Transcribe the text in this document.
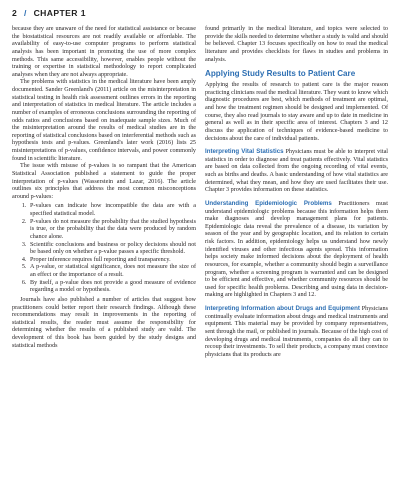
2 / CHAPTER 1

because they are unaware of the need for statistical assistance or because the biostatistical resources are not readily available or affordable. The availability of easy-to-use computer programs to perform statistical analysis has been important in promoting the use of more complex methods. This same accessibility, however, enables people without the training or expertise in statistical methodology to report complicated analyses when they are not always appropriate.

The problems with statistics in the medical literature have been amply documented. Sander Greenland's (2011) article on the misinterpretation in statistical testing in health risk assessment outlines errors in the reporting and interpretation of statistics in medical literature. The article includes a number of examples of erroneous conclusions surrounding the reporting of odds ratios and conclusions based on inadequate sample sizes. Much of the misinterpretation around the results of medical studies are in the reporting of statistical conclusions based on interferential methods such as hypothesis tests and p-values. Greenland's later work (2016) lists 25 misinterpretations of p-values, confidence intervals, and power commonly found in scientific literature.

The issue with misuse of p-values is so rampant that the American Statistical Association published a statement to guide the proper interpretation of p-values (Wasserstein and Lazar, 2016). The article outlines six principles that address the most common misconceptions around p-values:

1. P-values can indicate how incompatible the data are with a specified statistical model.
2. P-values do not measure the probability that the studied hypothesis is true, or the probability that the data were produced by random chance alone.
3. Scientific conclusions and business or policy decisions should not be based only on whether a p-value passes a specific threshold.
4. Proper inference requires full reporting and transparency.
5. A p-value, or statistical significance, does not measure the size of an effect or the importance of a result.
6. By itself, a p-value does not provide a good measure of evidence regarding a model or hypothesis.

Journals have also published a number of articles that suggest how practitioners could better report their research findings. Although these recommendations may result in improvements in the reporting of statistical results, the reader must assume the responsibility for determining whether the results of a published study are valid. The development of this book has been guided by the study designs and statistical methods

found primarily in the medical literature, and topics were selected to provide the skills needed to determine whether a study is valid and should be believed. Chapter 13 focuses specifically on how to read the medical literature and provides checklists for flaws in studies and problems in analysis.

Applying Study Results to Patient Care

Applying the results of research to patient care is the major reason practicing clinicians read the medical literature. They want to know which diagnostic procedures are best, which methods of treatment are optimal, and how the treatment regimen should be designed and implemented. Of course, they also read journals to stay aware and up to date in medicine in general as well as in their specific area of interest. Chapters 3 and 12 discuss the application of techniques of evidence-based medicine to decisions about the care of individual patients.

Interpreting Vital Statistics Physicians must be able to interpret vital statistics in order to diagnose and treat patients effectively. Vital statistics are based on data collected from the ongoing recording of vital events, such as births and deaths. A basic understanding of how vital statistics are determined, what they mean, and how they are used facilitates their use. Chapter 3 provides information on these statistics.

Understanding Epidemiologic Problems Practitioners must understand epidemiologic problems because this information helps them make diagnoses and develop management plans for patients. Epidemiologic data reveal the prevalence of a disease, its variation by season of the year and by geographic location, and its relation to certain risk factors. In addition, epidemiology helps us understand how newly identified viruses and other infectious agents spread. This information helps society make informed decisions about the deployment of health resources, for example, whether a community should begin a surveillance program, whether a screening program is warranted and can be designed to be efficient and effective, and whether community resources should be used for specific health problems. Describing and using data in decision-making are highlighted in Chapters 3 and 12.

Interpreting Information about Drugs and Equipment Physicians continually evaluate information about drugs and medical instruments and equipment. This material may be provided by company representatives, sent through the mail, or published in journals. Because of the high cost of developing drugs and medical instruments, companies do all they can to recoup their investments. To sell their products, a company must convince physicians that its products are
